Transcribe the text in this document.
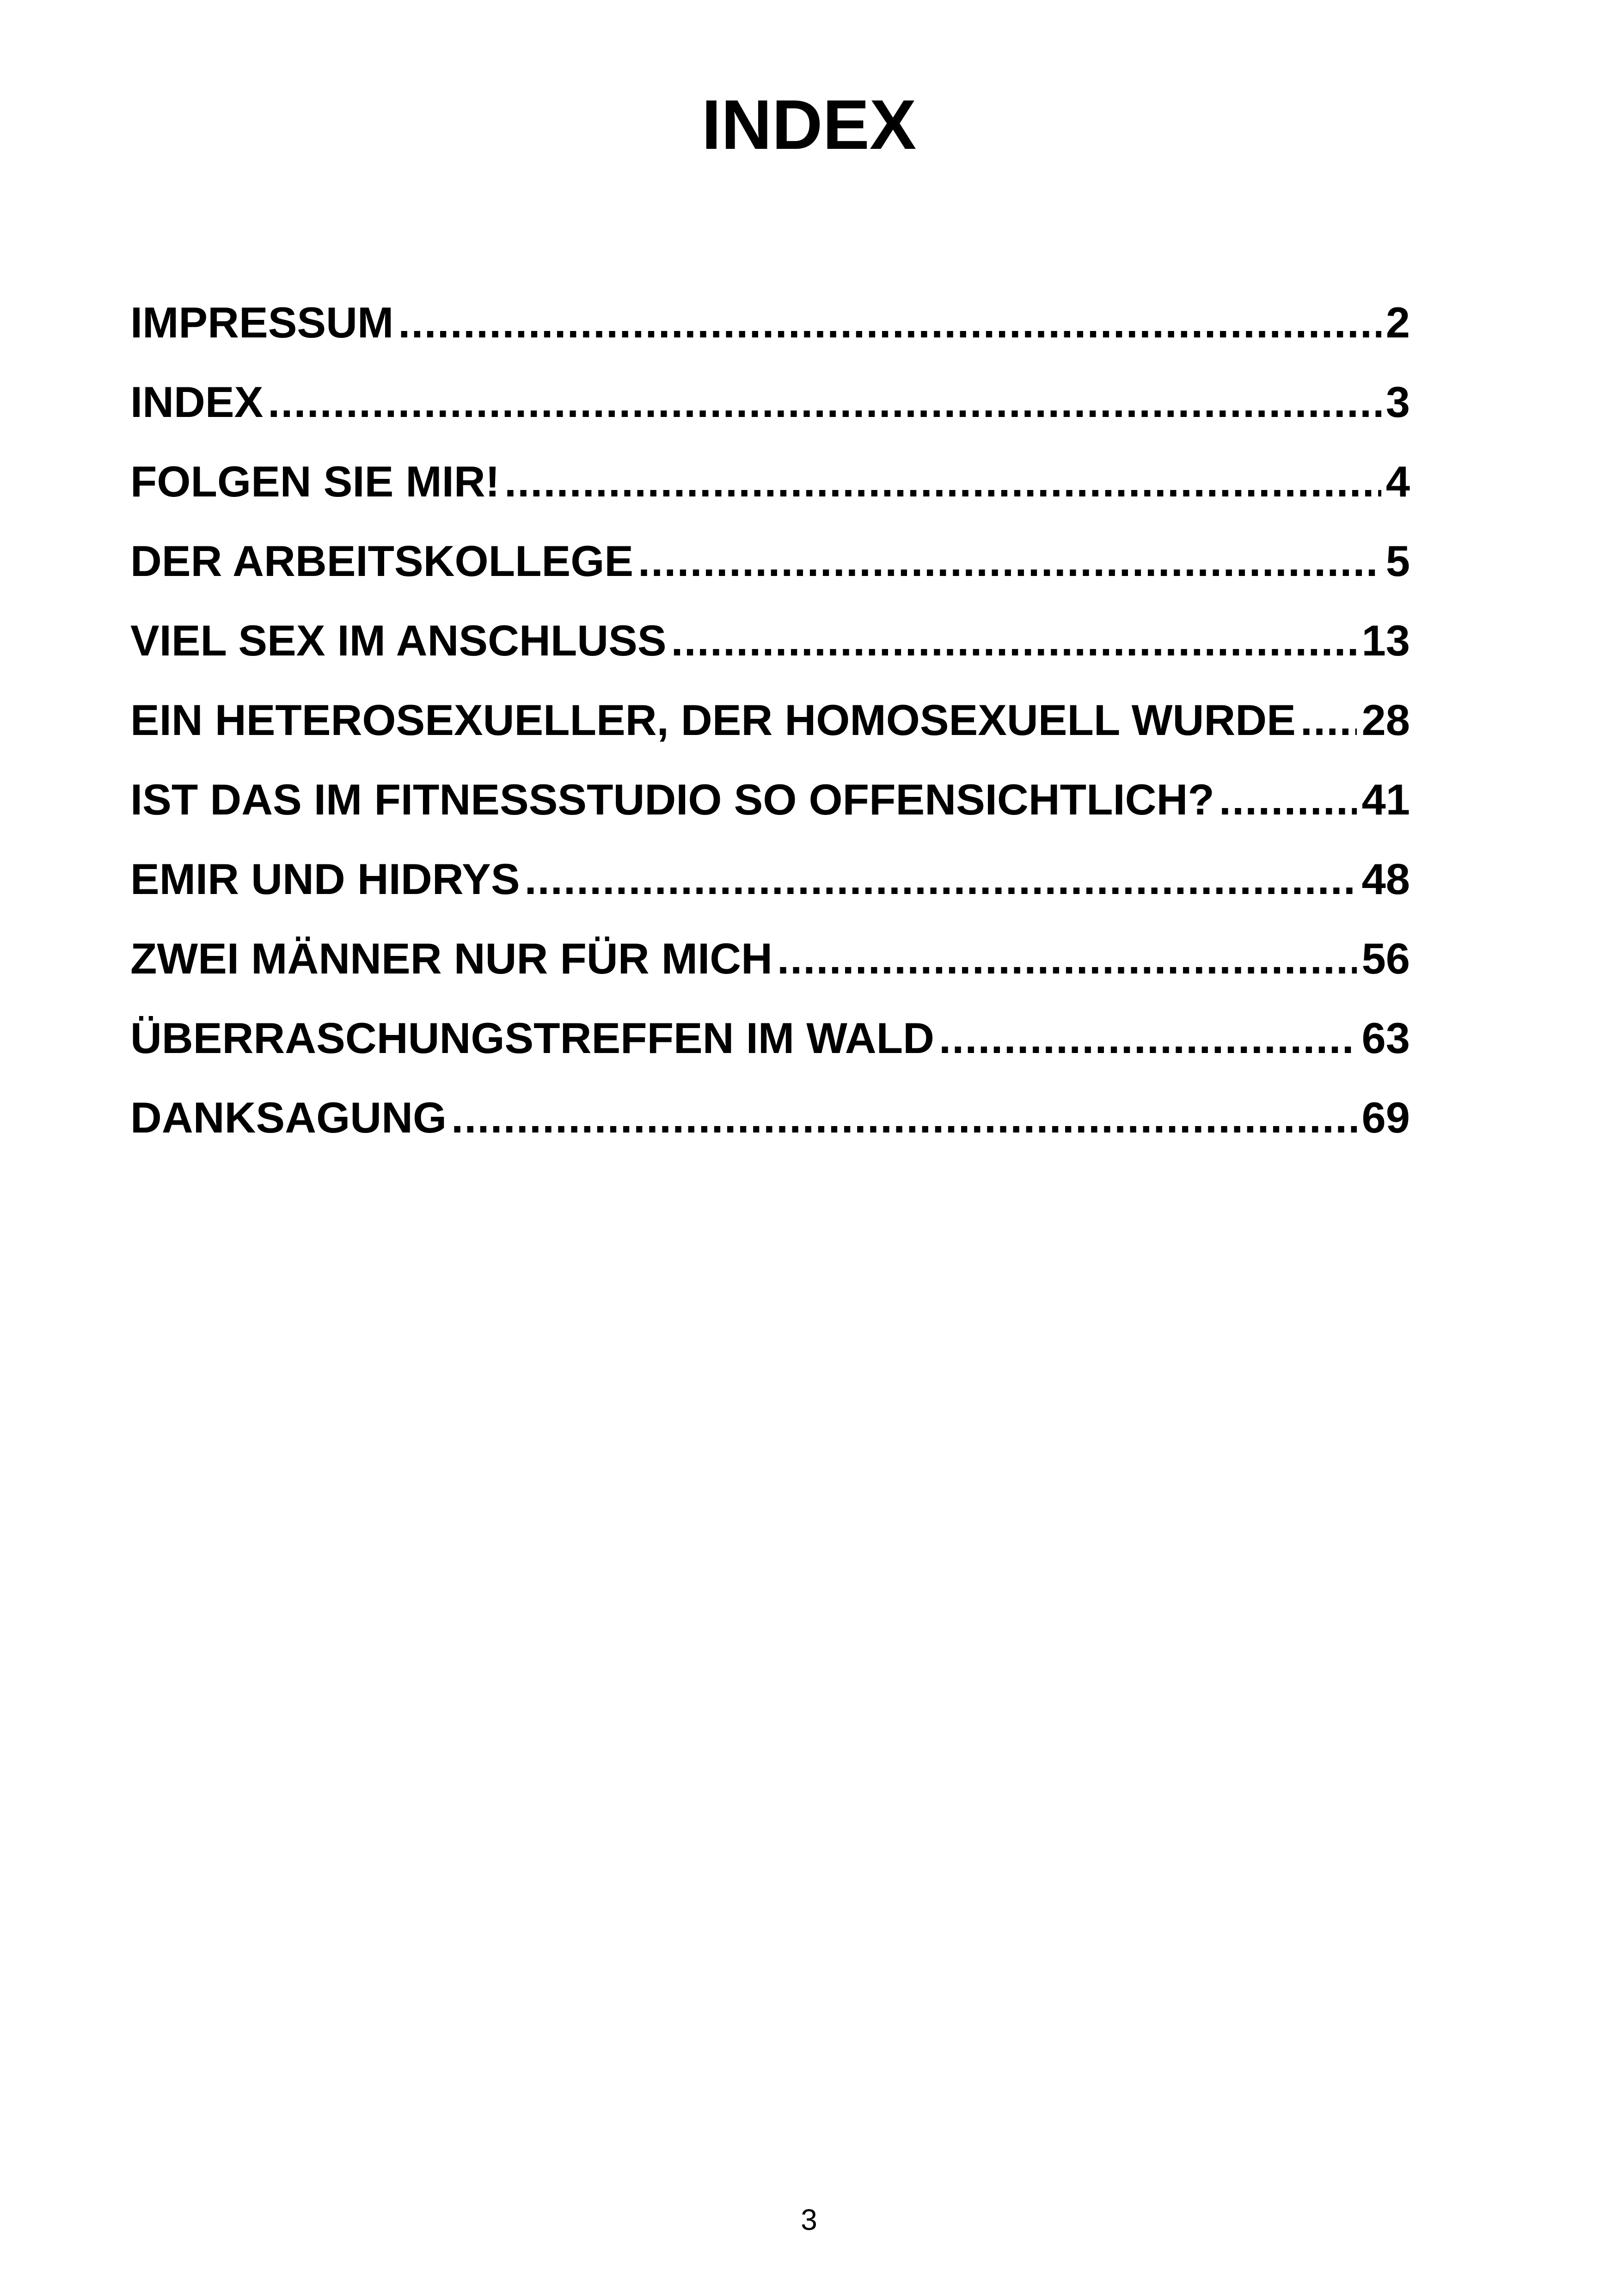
INDEX
IMPRESSUM .....	2
INDEX .....	3
FOLGEN SIE MIR! .....	4
DER ARBEITSKOLLEGE .....	5
VIEL SEX IM ANSCHLUSS .....	13
EIN HETEROSEXUELLER, DER HOMOSEXUELL WURDE ..... 28
IST DAS IM FITNESSSTUDIO SO OFFENSICHTLICH? .....	41
EMIR UND HIDRYS .....	48
ZWEI MÄNNER NUR FÜR MICH .....	56
ÜBERRASCHUNGSTREFFEN IM WALD .....	63
DANKSAGUNG .....	69
3
